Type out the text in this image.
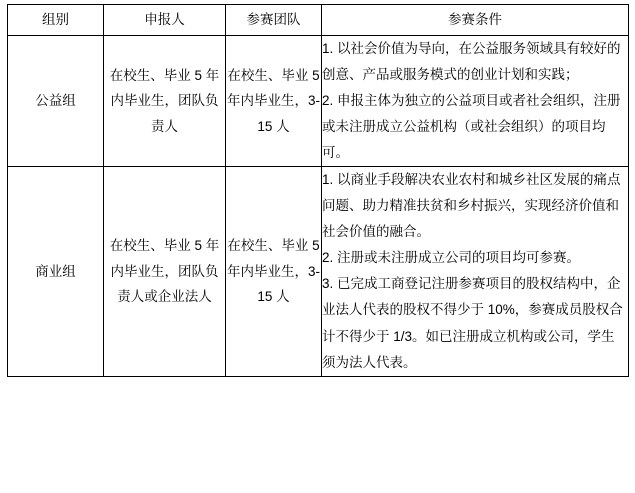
组别	申报人	参赛团队	参赛条件
公益组	在校生、毕业 5 年内毕业生，团队负责人	在校生、毕业 5 年内毕业生，3-15 人	1. 以社会价值为导向，在公益服务领域具有较好的创意、产品或服务模式的创业计划和实践；

2. 申报主体为独立的公益项目或者社会组织，注册或未注册成立公益机构（或社会组织）的项目均可。

商业组	在校生、毕业 5 年内毕业生，团队负责人或企业法人	在校生、毕业 5 年内毕业生，3-15 人	1. 以商业手段解决农业农村和城乡社区发展的痛点问题、助力精准扶贫和乡村振兴，实现经济价值和社会价值的融合。

2. 注册或未注册成立公司的项目均可参赛。

3. 已完成工商登记注册参赛项目的股权结构中，企业法人代表的股权不得少于 10%，参赛成员股权合计不得少于 1/3。如已注册成立机构或公司，学生须为法人代表。
